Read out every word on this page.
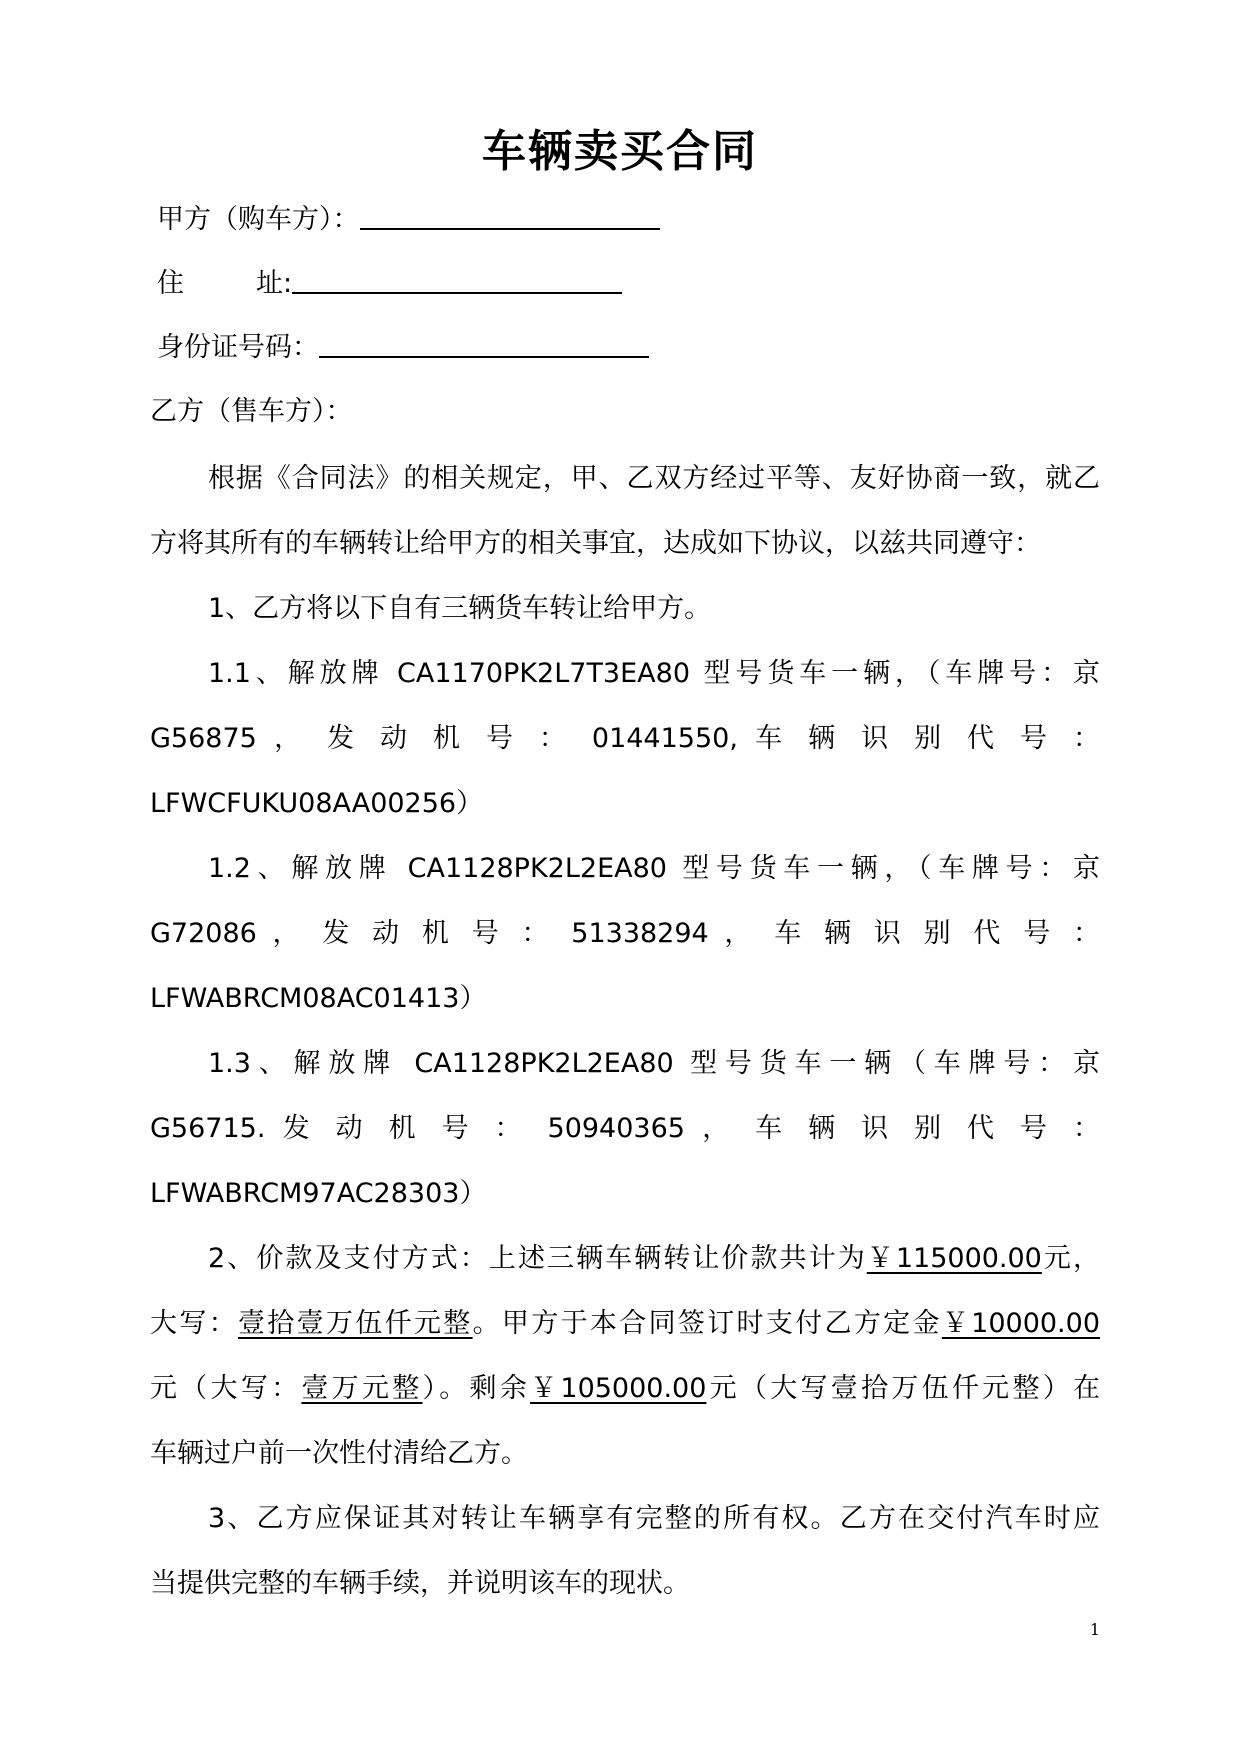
车辆卖买合同
甲方（购车方）：
住	址:
身份证号码：
乙方（售车方）：

根据《合同法》的相关规定，甲、乙双方经过平等、友好协商一致，就乙

方将其所有的车辆转让给甲方的相关事宜，达成如下协议，以兹共同遵守：

1、乙方将以下自有三辆货车转让给甲方。

1.1、解放牌 CA1170PK2L7T3EA80 型号货车一辆，（车牌号：京

G56875 ， 发 动 机 号 ： 01441550, 车 辆 识 别 代 号 ：

LFWCFUKU08AA00256）

1.2、解放牌 CA1128PK2L2EA80 型号货车一辆，（车牌号：京

G72086 ， 发 动 机 号 ： 51338294 ， 车 辆 识 别 代 号 ：

LFWABRCM08AC01413）

1.3、解放牌 CA1128PK2L2EA80 型号货车一辆（车牌号：京

G56715. 发 动 机 号 ： 50940365 ， 车 辆 识 别 代 号 ：

LFWABRCM97AC28303）

2、价款及支付方式：上述三辆车辆转让价款共计为￥115000.00元，

大写：壹拾壹万伍仟元整。甲方于本合同签订时支付乙方定金￥10000.00

元（大写：壹万元整）。剩余￥105000.00元（大写壹拾万伍仟元整）在

车辆过户前一次性付清给乙方。

3、乙方应保证其对转让车辆享有完整的所有权。乙方在交付汽车时应

当提供完整的车辆手续，并说明该车的现状。

1
